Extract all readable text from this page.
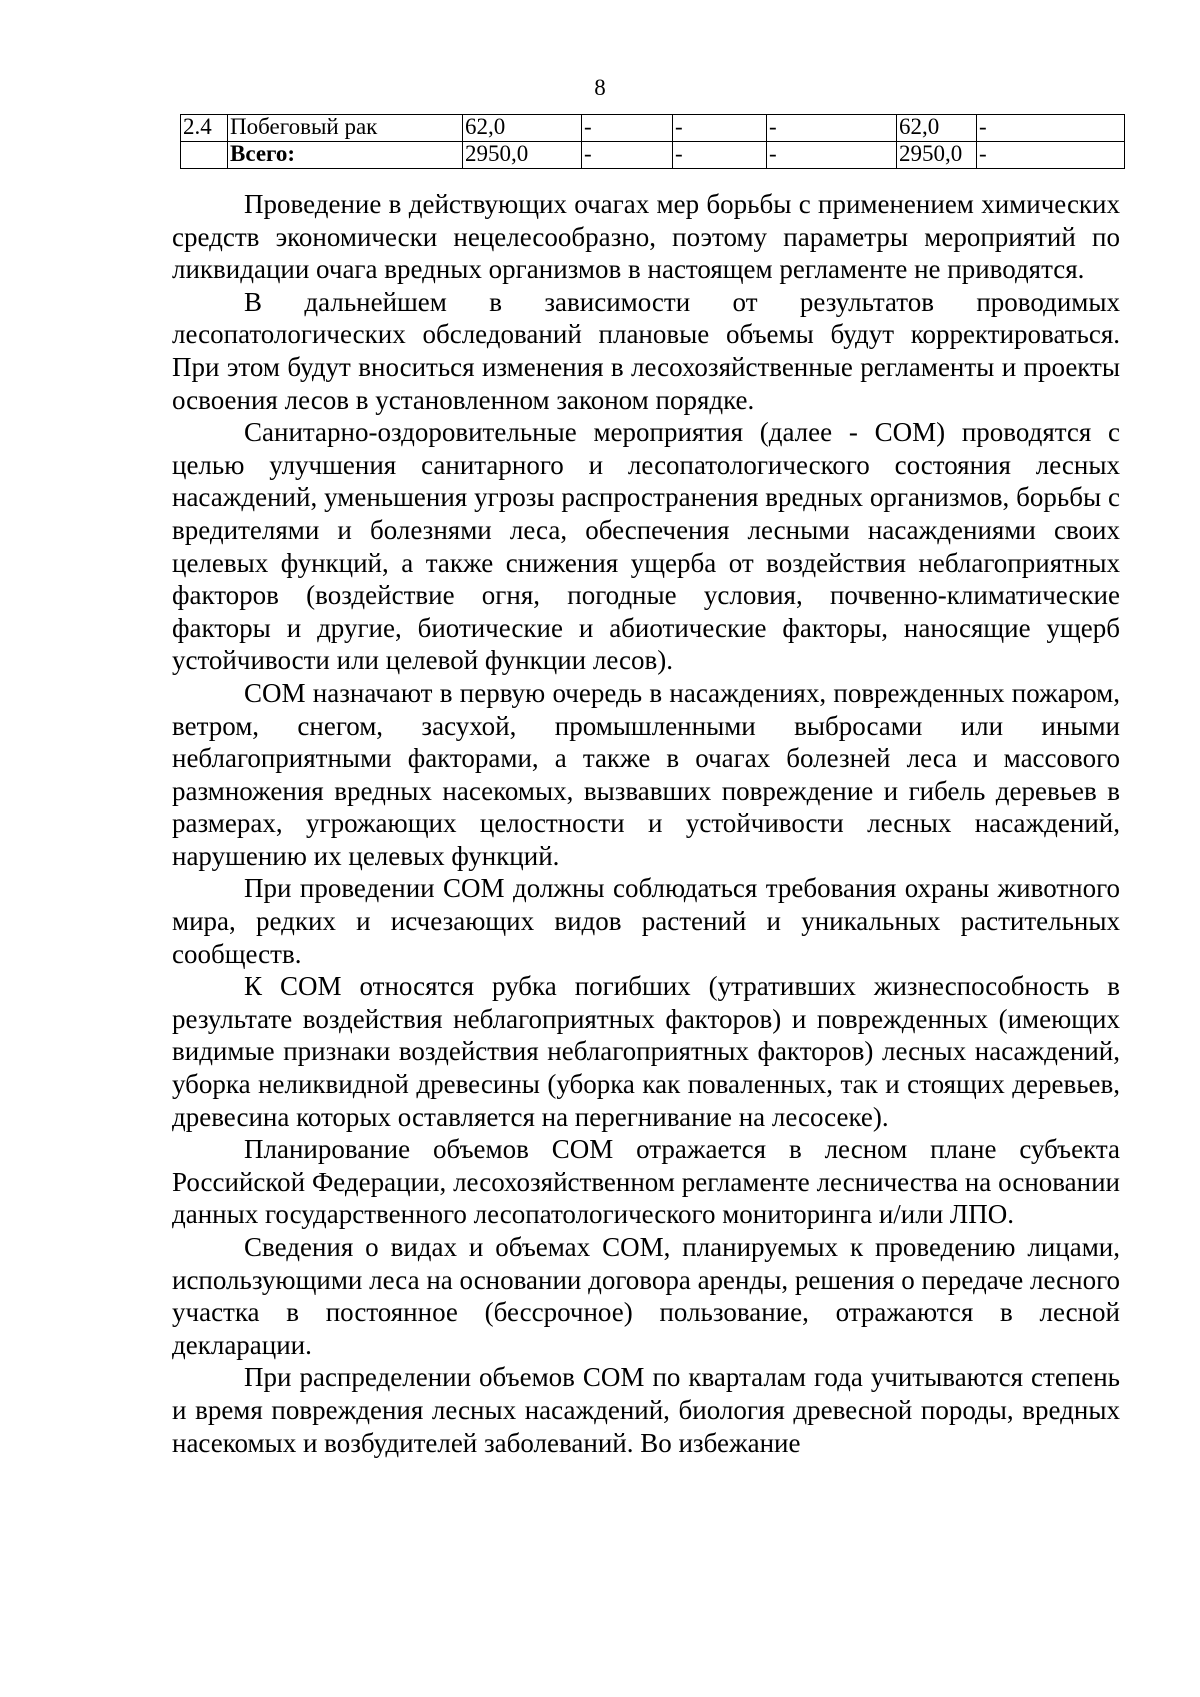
8
2.4	Побеговый рак	62,0	-	-	-	62,0	-
	Всего:	2950,0	-	-	-	2950,0	-

Проведение в действующих очагах мер борьбы с применением химических средств экономически нецелесообразно, поэтому параметры мероприятий по ликвидации очага вредных организмов в настоящем регламенте не приводятся.

В дальнейшем в зависимости от результатов проводимых лесопатологических обследований плановые объемы будут корректироваться. При этом будут вноситься изменения в лесохозяйственные регламенты и проекты освоения лесов в установленном законом порядке.

Санитарно-оздоровительные мероприятия (далее - СОМ) проводятся с целью улучшения санитарного и лесопатологического состояния лесных насаждений, уменьшения угрозы распространения вредных организмов, борьбы с вредителями и болезнями леса, обеспечения лесными насаждениями своих целевых функций, а также снижения ущерба от воздействия неблагоприятных факторов (воздействие огня, погодные условия, почвенно-климатические факторы и другие, биотические и абиотические факторы, наносящие ущерб устойчивости или целевой функции лесов).

СОМ назначают в первую очередь в насаждениях, поврежденных пожаром, ветром, снегом, засухой, промышленными выбросами или иными неблагоприятными факторами, а также в очагах болезней леса и массового размножения вредных насекомых, вызвавших повреждение и гибель деревьев в размерах, угрожающих целостности и устойчивости лесных насаждений, нарушению их целевых функций.

При проведении СОМ должны соблюдаться требования охраны животного мира, редких и исчезающих видов растений и уникальных растительных сообществ.

К СОМ относятся рубка погибших (утративших жизнеспособность в результате воздействия неблагоприятных факторов) и поврежденных (имеющих видимые признаки воздействия неблагоприятных факторов) лесных насаждений, уборка неликвидной древесины (уборка как поваленных, так и стоящих деревьев, древесина которых оставляется на перегнивание на лесосеке).

Планирование объемов СОМ отражается в лесном плане субъекта Российской Федерации, лесохозяйственном регламенте лесничества на основании данных государственного лесопатологического мониторинга и/или ЛПО.

Сведения о видах и объемах СОМ, планируемых к проведению лицами, использующими леса на основании договора аренды, решения о передаче лесного участка в постоянное (бессрочное) пользование, отражаются в лесной декларации.

При распределении объемов СОМ по кварталам года учитываются степень и время повреждения лесных насаждений, биология древесной породы, вредных насекомых и возбудителей заболеваний. Во избежание
